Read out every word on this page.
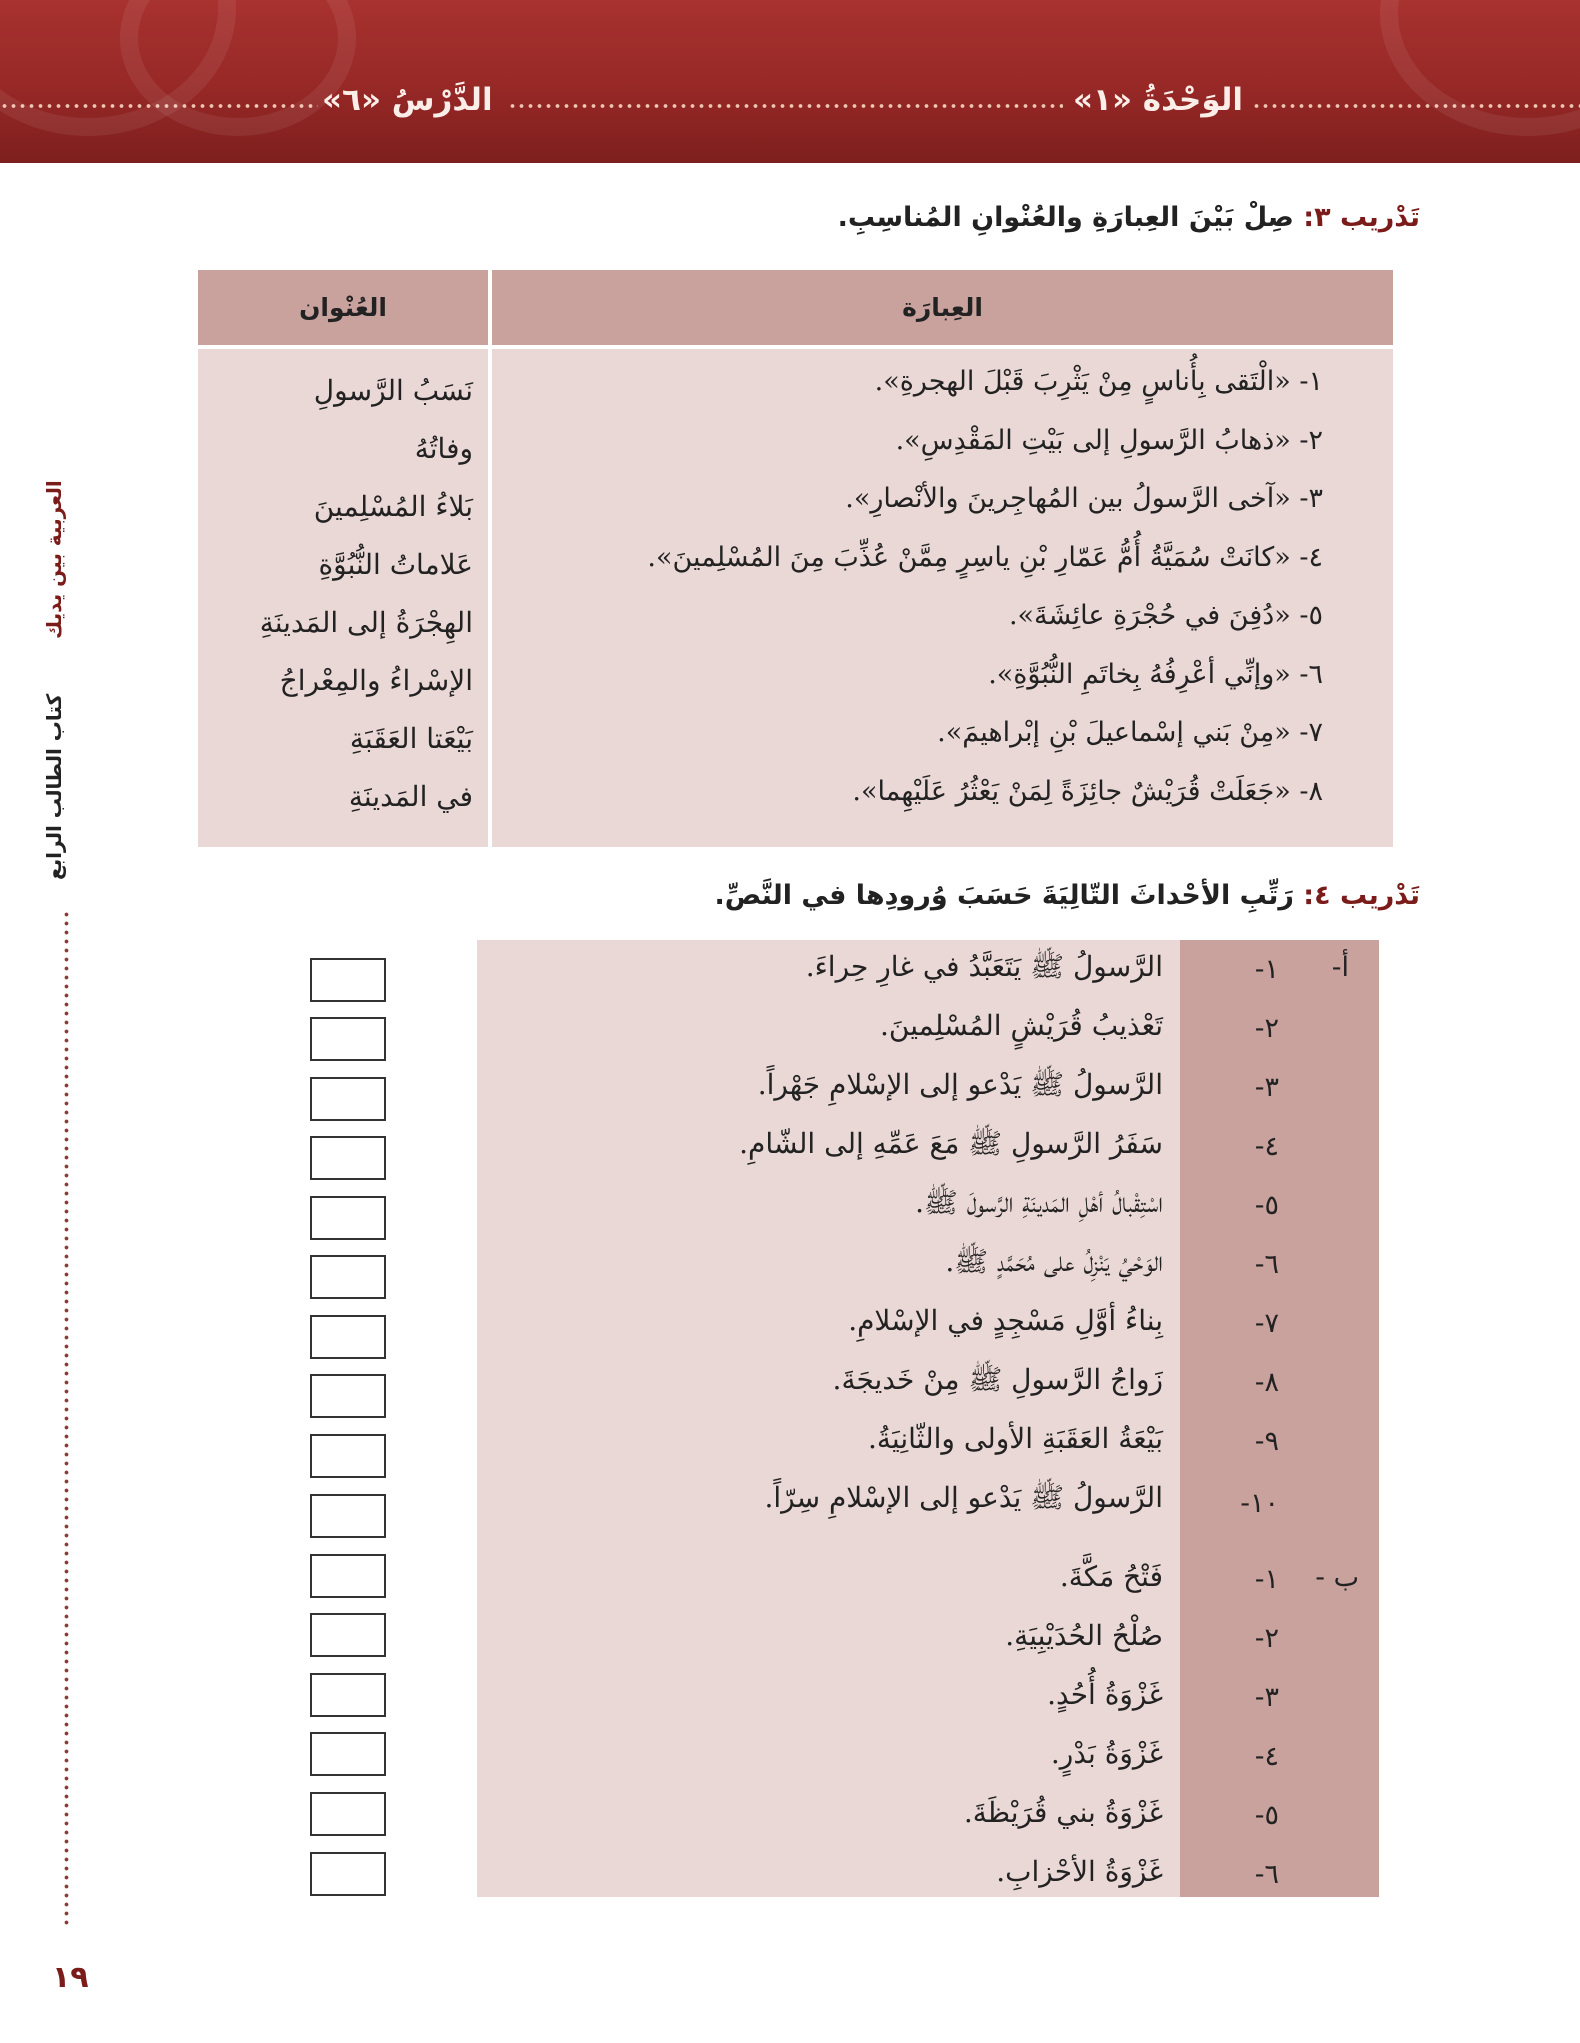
الدَّرْسُ «٦»	الوَحْدَةُ «١»
العربية بين يديك
كتاب الطالب الرابع
١٩
تَدْريب ٣: صِلْ بَيْنَ العِبارَةِ والعُنْوانِ المُناسِبِ.
العُنْوان	العِبارَة
١- «الْتَقى بِأُناسٍ مِنْ يَثْرِبَ قَبْلَ الهجرةِ».
٢- «ذهابُ الرَّسولِ إلى بَيْتِ المَقْدِسِ».
٣- «آخى الرَّسولُ بين المُهاجِرينَ والأنْصارِ».
٤- «كانَتْ سُمَيَّةُ أُمُّ عَمّارِ بْنِ ياسِرٍ مِمَّنْ عُذِّبَ مِنَ المُسْلِمينَ».
٥- «دُفِنَ في حُجْرَةِ عائِشَةَ».
٦- «وإنِّي أعْرِفُهُ بِخاتَمِ النُّبُوَّةِ».
٧- «مِنْ بَني إسْماعيلَ بْنِ إبْراهيمَ».
٨- «جَعَلَتْ قُرَيْشٌ جائِزَةً لِمَنْ يَعْثُرُ عَلَيْهِما».
نَسَبُ الرَّسولِ
وفاتُهُ
بَلاءُ المُسْلِمينَ
عَلاماتُ النُّبُوَّةِ
الهِجْرَةُ إلى المَدينَةِ
الإسْراءُ والمِعْراجُ
بَيْعَتا العَقَبَةِ
في المَدينَةِ
تَدْريب ٤: رَتِّبِ الأحْداثَ التّالِيَةَ حَسَبَ وُرودِها في النَّصِّ.
أ-
ب -
١-
الرَّسولُ ﷺ يَتَعَبَّدُ في غارِ حِراءَ.
٢-
تَعْذيبُ قُرَيْشٍ المُسْلِمينَ.
٣-
الرَّسولُ ﷺ يَدْعو إلى الإسْلامِ جَهْراً.
٤-
سَفَرُ الرَّسولِ ﷺ مَعَ عَمِّهِ إلى الشّامِ.
٥-
اسْتِقْبالُ أهْلِ المَدينَةِ الرَّسولَ ﷺ.
٦-
الوَحْيُ يَنْزِلُ على مُحَمَّدٍ ﷺ.
٧-
بِناءُ أوَّلِ مَسْجِدٍ في الإسْلامِ.
٨-
زَواجُ الرَّسولِ ﷺ مِنْ خَديجَةَ.
٩-
بَيْعَةُ العَقَبَةِ الأولى والثّانِيَةُ.
١٠-
الرَّسولُ ﷺ يَدْعو إلى الإسْلامِ سِرّاً.
١-
فَتْحُ مَكَّةَ.
٢-
صُلْحُ الحُدَيْبِيَةِ.
٣-
غَزْوَةُ أُحُدٍ.
٤-
غَزْوَةُ بَدْرٍ.
٥-
غَزْوَةُ بني قُرَيْظَةَ.
٦-
غَزْوَةُ الأحْزابِ.
